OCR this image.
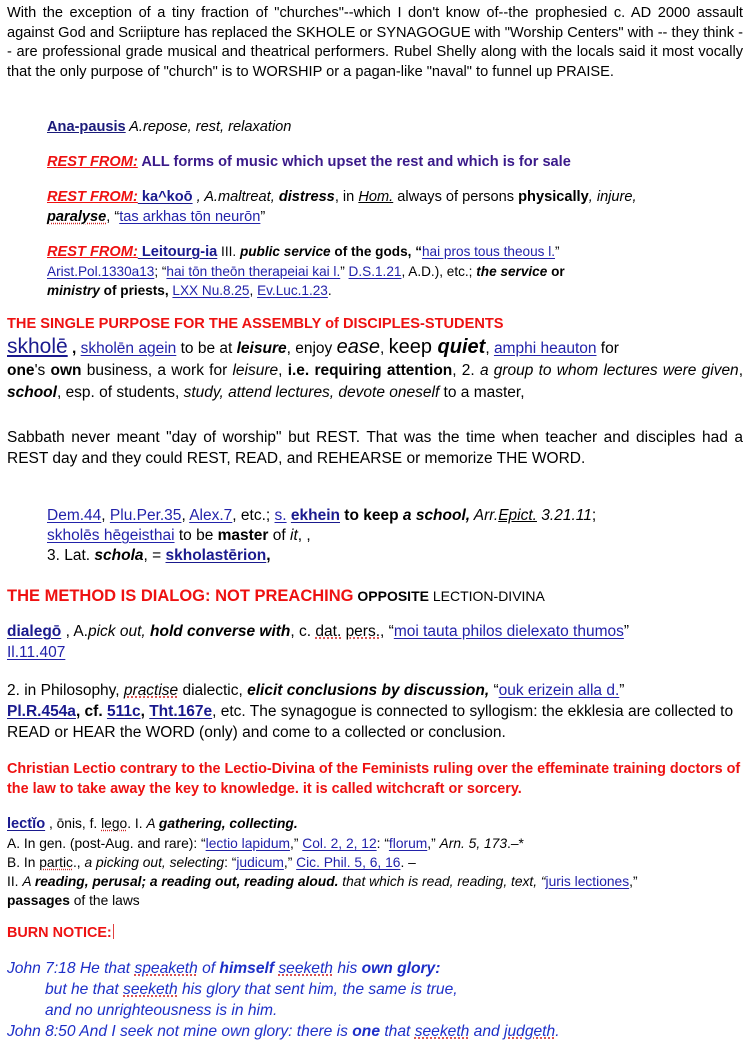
With the exception of a tiny fraction of "churches"--which I don't know of--the prophesied c. AD 2000 assault against God and Scriipture has replaced the SKHOLE or SYNAGOGUE with "Worship Centers" with -- they think -- are professional grade musical and theatrical performers. Rubel Shelly along with the locals said it most vocally that the only purpose of "church" is to WORSHIP or a pagan-like "naval" to funnel up PRAISE.

Ana-pausis A.repose, rest, relaxation

REST FROM: ALL forms of music which upset the rest and which is for sale

REST FROM: ka^koō , A.maltreat, distress, in Hom. always of persons physically, injure,
paralyse, “tas arkhas tōn neurōn”

REST FROM: Leitourg-ia III. public service of the gods, “hai pros tous theous l.”
Arist.Pol.1330a13; “hai tōn theōn therapeiai kai l.” D.S.1.21, A.D.), etc.; the service or
ministry of priests, LXX Nu.8.25, Ev.Luc.1.23.

THE SINGLE PURPOSE FOR THE ASSEMBLY of DISCIPLES-STUDENTS

skholē , skholēn agein to be at leisure, enjoy ease, keep quiet, amphi heauton for
one's own business, a work for leisure, i.e. requiring attention, 2. a group to whom lectures were given, school, esp. of students, study, attend lectures, devote oneself to a master,

Sabbath never meant "day of worship" but REST. That was the time when teacher and disciples had a REST day and they could REST, READ, and REHEARSE or memorize THE WORD.

Dem.44, Plu.Per.35, Alex.7, etc.; s. ekhein to keep a school, Arr.Epict. 3.21.11;
skholēs hēgeisthai to be master of it, ,
3. Lat. schola, = skholastērion,

THE METHOD IS DIALOG: NOT PREACHING OPPOSITE LECTION-DIVINA

dialegō , A.pick out, hold converse with, c. dat. pers., “moi tauta philos dielexato thumos”
Il.11.407

2. in Philosophy, practise dialectic, elicit conclusions by discussion, “ouk erizein alla d.”
Pl.R.454a, cf. 511c, Tht.167e, etc. The synagogue is connected to syllogism: the ekklesia are collected to READ or HEAR the WORD (only) and come to a collected or conclusion.

Christian Lectio contrary to the Lectio-Divina of the Feminists ruling over the effeminate training doctors of the law to take away the key to knowledge. it is called witchcraft or sorcery.

lectĭo , ōnis, f. lego. I. A gathering, collecting.
A. In gen. (post-Aug. and rare): “lectio lapidum,” Col. 2, 2, 12: “florum,” Arn. 5, 173.–*
B. In partic., a picking out, selecting: “judicum,” Cic. Phil. 5, 6, 16. –
II. A reading, perusal; a reading out, reading aloud. that which is read, reading, text, “juris lectiones,”
passages of the laws

BURN NOTICE:

John 7:18 He that speaketh of himself seeketh his own glory:

but he that seeketh his glory that sent him, the same is true,

and no unrighteousness is in him.

John 8:50 And I seek not mine own glory: there is one that seeketh and judgeth.
